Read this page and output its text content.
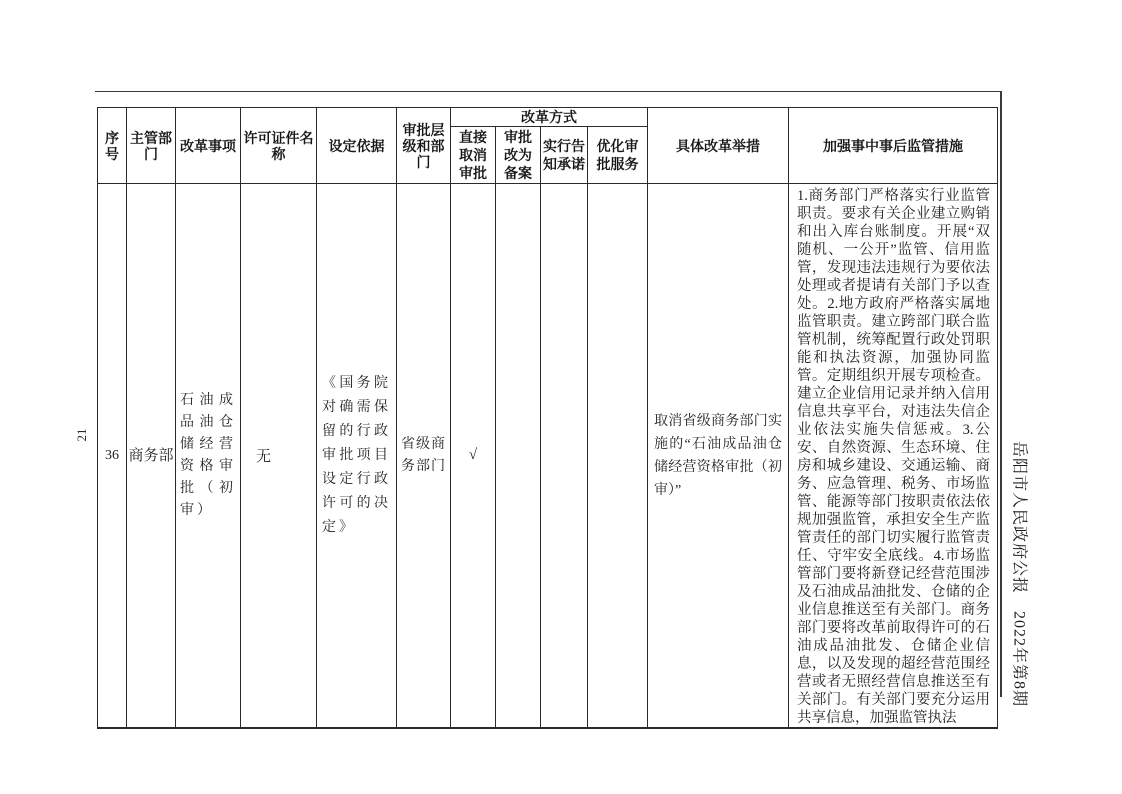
21
岳阳市人民政府公报　2022年第8期
序号	主管部门	改革事项	许可证件名称	设定依据	审批层级和部门	改革方式				具体改革举措	加强事中事后监管措施
						直接取消审批	审批改为备案	实行告知承诺	优化审批服务		
36	商务部	石油成品油仓储经营资格审批（初审）	无	《国务院对确需保留的行政审批项目设定行政许可的决定》	省级商务部门	√				取消省级商务部门实施的“石油成品油仓储经营资格审批（初审）”	1.商务部门严格落实行业监管职责。要求有关企业建立购销和出入库台账制度。开展“双随机、一公开”监管、信用监管，发现违法违规行为要依法处理或者提请有关部门予以查处。2.地方政府严格落实属地监管职责。建立跨部门联合监管机制，统筹配置行政处罚职能和执法资源，加强协同监管。定期组织开展专项检查。建立企业信用记录并纳入信用信息共享平台，对违法失信企业依法实施失信惩戒。3.公安、自然资源、生态环境、住房和城乡建设、交通运输、商务、应急管理、税务、市场监管、能源等部门按职责依法依规加强监管，承担安全生产监管责任的部门切实履行监管责任、守牢安全底线。4.市场监管部门要将新登记经营范围涉及石油成品油批发、仓储的企业信息推送至有关部门。商务部门要将改革前取得许可的石油成品油批发、仓储企业信息，以及发现的超经营范围经营或者无照经营信息推送至有关部门。有关部门要充分运用共享信息，加强监管执法
